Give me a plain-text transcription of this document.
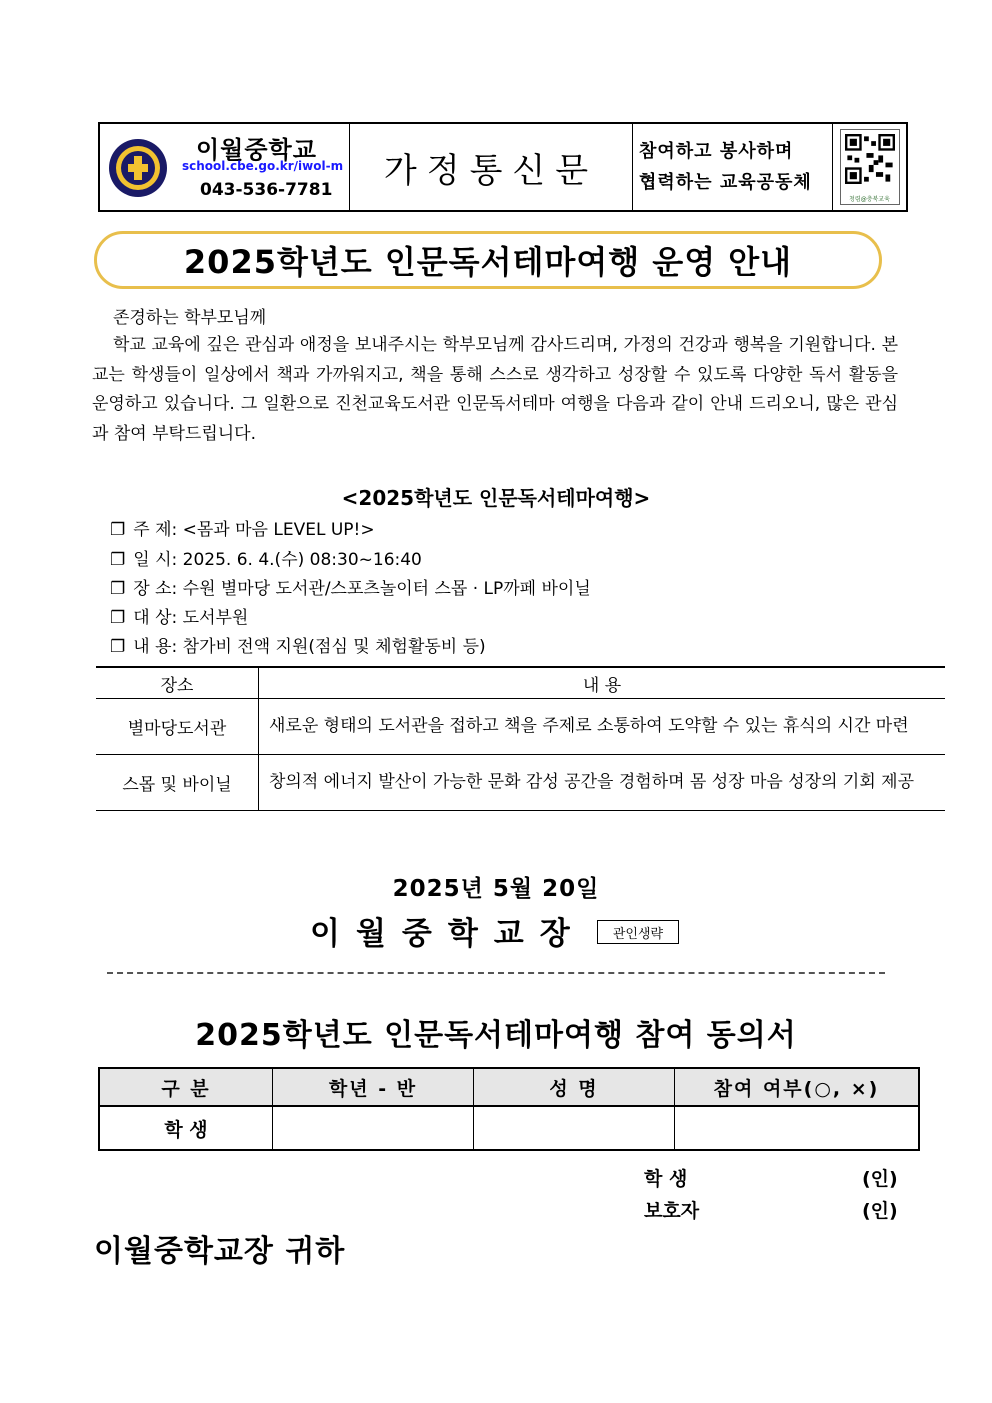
이월중학교
school.cbe.go.kr/iwol-m
043-536-7781 가정통신문 참여하고 봉사하며
협력하는 교육공동체
청렴@충북교육
2025학년도 인문독서테마여행 운영 안내
존경하는 학부모님께
학교 교육에 깊은 관심과 애정을 보내주시는 학부모님께 감사드리며, 가정의 건강과 행복을 기원합니다. 본교는 학생들이 일상에서 책과 가까워지고, 책을 통해 스스로 생각하고 성장할 수 있도록 다양한 독서 활동을 운영하고 있습니다. 그 일환으로 진천교육도서관 인문독서테마 여행을 다음과 같이 안내 드리오니, 많은 관심과 참여 부탁드립니다.
<2025학년도 인문독서테마여행>
❐ 주 제: <몸과 마음 LEVEL UP!>
❐ 일 시: 2025. 6. 4.(수) 08:30~16:40
❐ 장 소: 수원 별마당 도서관/스포츠놀이터 스몹 · LP까페 바이닐
❐ 대 상: 도서부원
❐ 내 용: 참가비 전액 지원(점심 및 체험활동비 등)
장소	내 용
별마당도서관	새로운 형태의 도서관을 접하고 책을 주제로 소통하여 도약할 수 있는 휴식의 시간 마련
스몹 및 바이닐	창의적 에너지 발산이 가능한 문화 감성 공간을 경험하며 몸 성장 마음 성장의 기회 제공
2025년 5월 20일
이월중학교장	관인생략
2025학년도 인문독서테마여행 참여 동의서
구 분	학년 - 반	성 명	참여 여부(○, ×)
학 생			
학 생	(인)
보호자	(인)
이월중학교장 귀하
